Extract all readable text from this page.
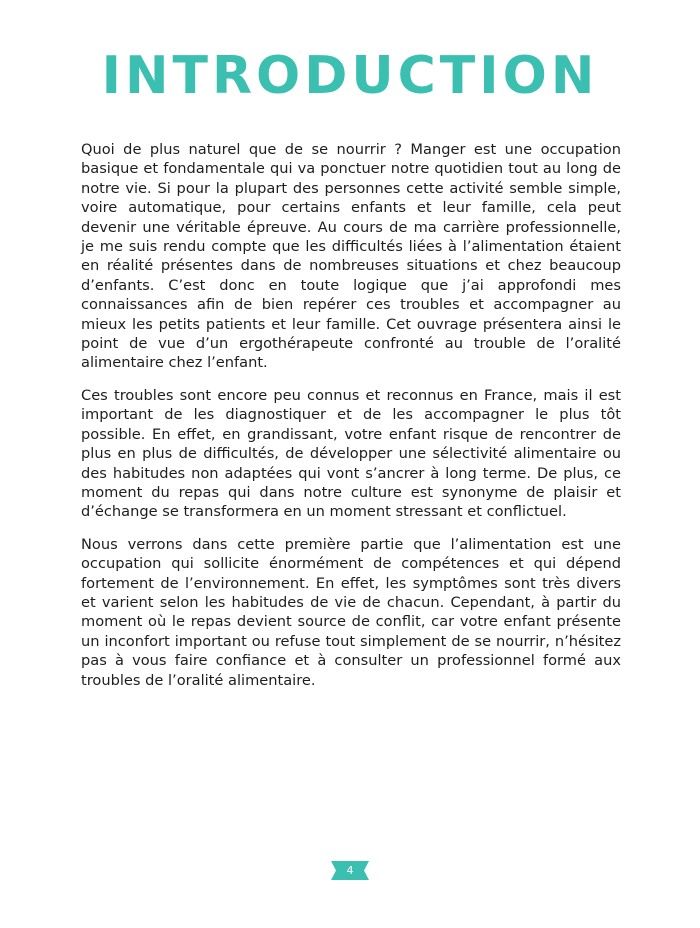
INTRODUCTION

Quoi de plus naturel que de se nourrir ? Manger est une occupation basique et fondamentale qui va ponctuer notre quotidien tout au long de notre vie. Si pour la plupart des personnes cette activité semble simple, voire automatique, pour certains enfants et leur famille, cela peut devenir une véritable épreuve. Au cours de ma carrière professionnelle, je me suis rendu compte que les difficultés liées à l’alimentation étaient en réalité présentes dans de nombreuses situations et chez beaucoup d’enfants. C’est donc en toute logique que j’ai approfondi mes connaissances afin de bien repérer ces troubles et accompagner au mieux les petits patients et leur famille. Cet ouvrage présentera ainsi le point de vue d’un ergothérapeute confronté au trouble de l’oralité alimentaire chez l’enfant.

Ces troubles sont encore peu connus et reconnus en France, mais il est important de les diagnostiquer et de les accompagner le plus tôt possible. En effet, en grandissant, votre enfant risque de rencontrer de plus en plus de difficultés, de développer une sélectivité alimentaire ou des habitudes non adaptées qui vont s’ancrer à long terme. De plus, ce moment du repas qui dans notre culture est synonyme de plaisir et d’échange se transformera en un moment stressant et conflictuel.

Nous verrons dans cette première partie que l’alimentation est une occupation qui sollicite énormément de compétences et qui dépend fortement de l’environnement. En effet, les symptômes sont très divers et varient selon les habitudes de vie de chacun. Cependant, à partir du moment où le repas devient source de conflit, car votre enfant présente un inconfort important ou refuse tout simplement de se nourrir, n’hésitez pas à vous faire confiance et à consulter un professionnel formé aux troubles de l’oralité alimentaire.

4
